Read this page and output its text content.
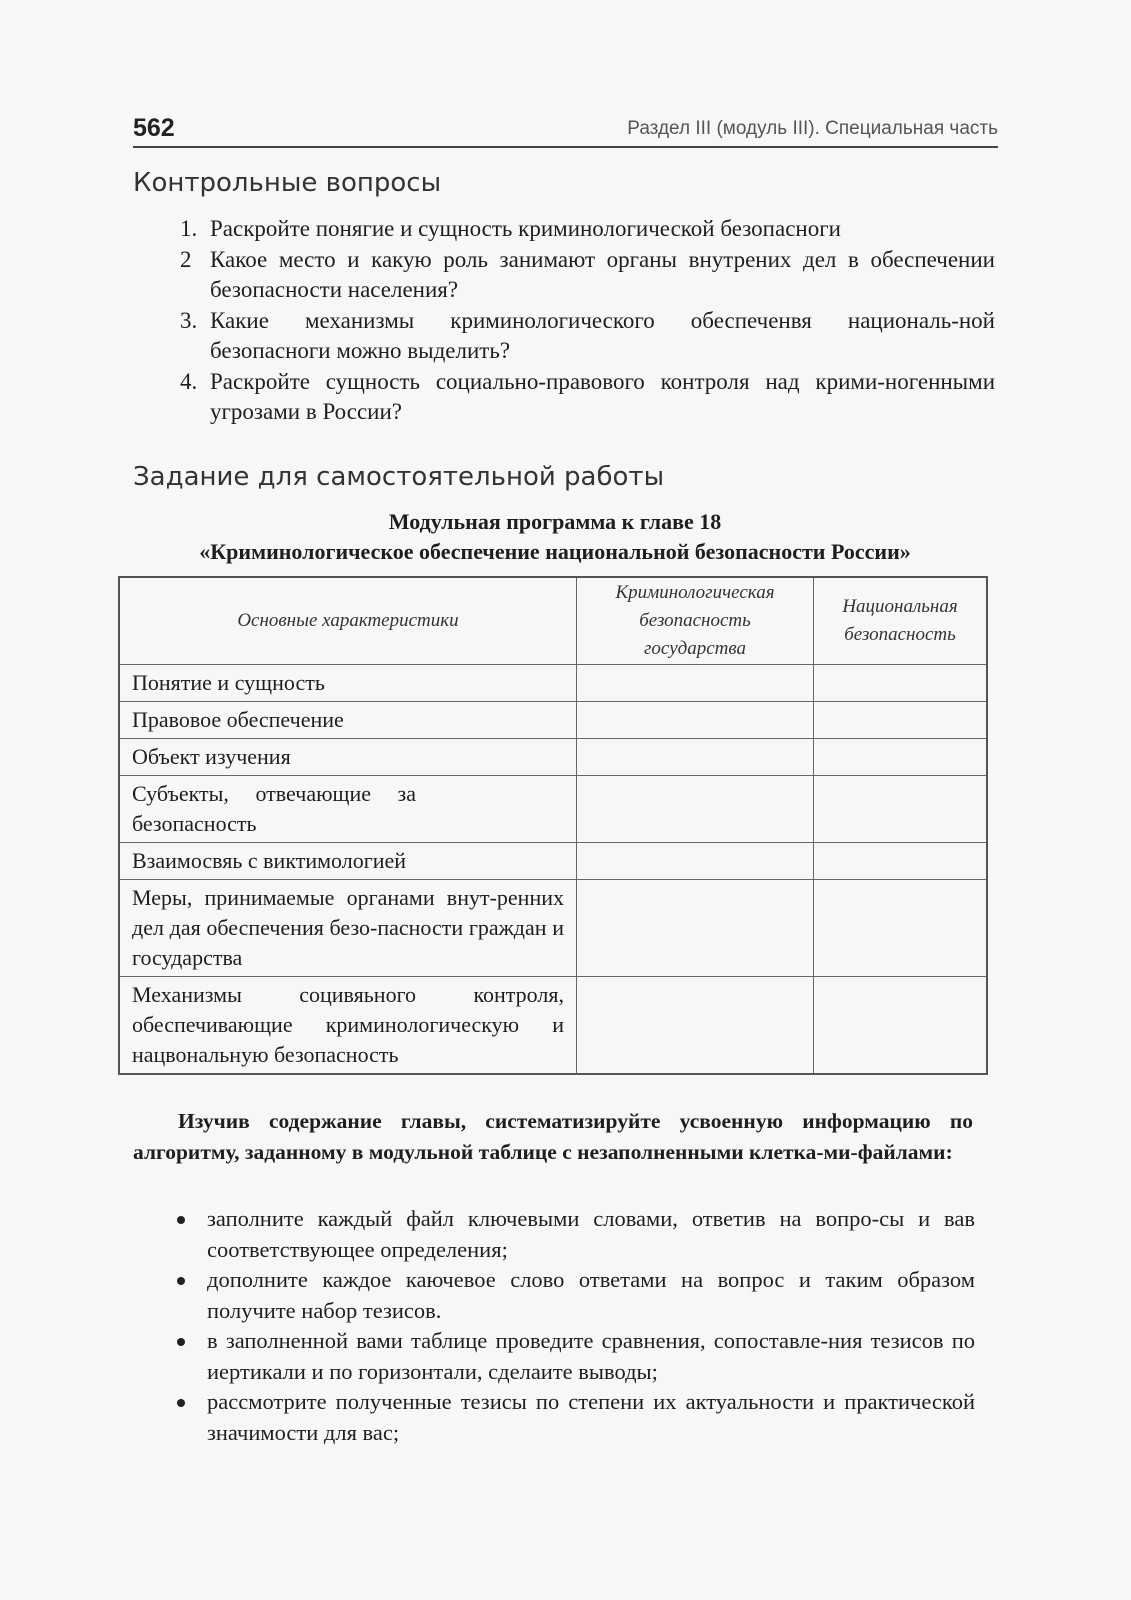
562	Раздел III (модуль III). Специальная часть
Контрольные вопросы
1. Раскройте понягие и сущность криминологической безопасноги
2 Какое место и какую роль занимают органы внутрених дел в обеспечении безопасности населения?
3. Какие механизмы криминологического обеспеченвя националь-ной безопасноги можно выделить?
4. Раскройте сущность социально-правового контроля над крими-ногенными угрозами в России?
Задание для самостоятельной работы

Модульная программа к главе 18

«Криминологическое обеспечение национальной безопасности России»

Основные характеристики	Криминологическая безопасность государства	Национальная безопасность
Понятие и сущность		
Правовое обеспечение		
Объект изучения		
Субъекты, отвечающие за безопасность		
Взаимосвяь с виктимологией		
Меры, принимаемые органами внут-ренних дел дая обеспечения безо-пасности граждан и государства		
Механизмы социвяьного контроля, обеспечивающие криминологическую и нацвональную безопасность		

Изучив содержание главы, систематизируйте усвоенную информацию по алгоритму, заданному в модульной таблице с незаполненными клетка-ми-файлами:

заполните каждый файл ключевыми словами, ответив на вопро-сы и вав соответствующее определения;
дополните каждое каючевое слово ответами на вопрос и таким образом получите набор тезисов.
в заполненной вами таблице проведите сравнения, сопоставле-ния тезисов по иертикали и по горизонтали, сделаите выводы;
рассмотрите полученные тезисы по степени их актуальности и практической значимости для вас;
